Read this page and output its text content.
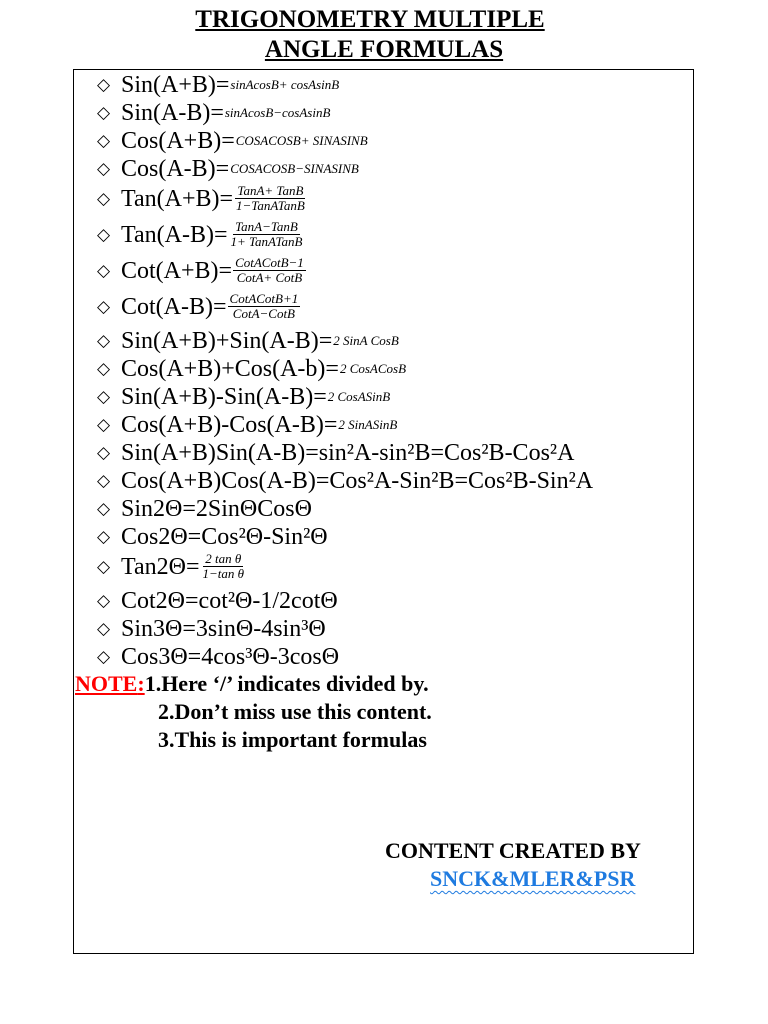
TRIGONOMETRY MULTIPLE
ANGLE FORMULAS
◇ Sin(A+B)= sinAcosB+ cosAsinB
◇ Sin(A-B)= sinAcosB−cosAsinB
◇ Cos(A+B)= COSACOSB+ SINASINB
◇ Cos(A-B)= COSACOSB−SINASINB
◇ $Tan(A+B)= \frac{\text{TanA+ TanB}}{\text{1−TanATanB}}$
◇ $Tan(A-B)= \frac{\text{TanA−TanB}}{\text{1+ TanATanB}}$
◇ $Cot(A+B)= \frac{\text{CotACotB−1}}{\text{CotA+ CotB}}$
◇ $Cot(A-B)= \frac{\text{CotACotB+1}}{\text{CotA−CotB}}$
◇ Sin(A+B)+Sin(A-B)= 2 SinA CosB
◇ Cos(A+B)+Cos(A-b)= 2 CosACosB
◇ Sin(A+B)-Sin(A-B)= 2 CosASinB
◇ Cos(A+B)-Cos(A-B)= 2 SinASinB
◇ Sin(A+B)Sin(A-B)=sin²A-sin²B=Cos²B-Cos²A
◇ Cos(A+B)Cos(A-B)=Cos²A-Sin²B=Cos²B-Sin²A
◇ Sin2Θ=2SinΘCosΘ
◇ Cos2Θ=Cos²Θ-Sin²Θ
◇ $Tan2\Theta= \frac{\text{2 tan θ}}{\text{1−tan θ}}$
◇ Cot2Θ=cot²Θ-1/2cotΘ
◇ Sin3Θ=3sinΘ-4sin³Θ
◇ Cos3Θ=4cos³Θ-3cosΘ
NOTE:1.Here ‘/’ indicates divided by.
2.Don’t miss use this content.
3.This is important formulas
CONTENT CREATED BY
SNCK&MLER&PSR
